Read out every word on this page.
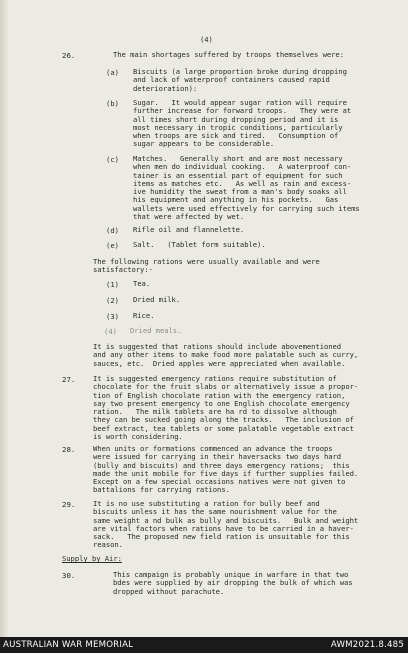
(4)
26.	The main shortages suffered by troops themselves were:
(a) Biscuits (a large proportion broke during dropping
and lack of waterproof containers caused rapid
deterioration):
(b) Sugar.   It would appear sugar ration will require
further increase for forward troops.   They were at
all times short during dropping period and it is
most necessary in tropic conditions, particularly
when troops are sick and tired.   Consumption of
sugar appears to be considerable.
(c) Matches.   Generally short and are most necessary
when men do individual cooking.   A waterproof con-
tainer is an essential part of equipment for such
items as matches etc.   As well as rain and excess-
ive humidity the sweat from a man's body soaks all
his equipment and anything in his pockets.   Gas
wallets were used effectively for carrying such items
that were affected by wet.
(d) Rifle oil and flannelette.
(e) Salt.   (Tablet form suitable).
The following rations were usually available and were
satisfactory:-
(1) Tea.
(2) Dried milk.
(3) Rice.
(4) Dried meals.
It is suggested that rations should include abovementioned
and any other items to make food more palatable such as curry,
sauces, etc.  Dried apples were appreciated when available.
27. It is suggested emergency rations require substitution of
chocolate for the fruit slabs or alternatively issue a propor-
tion of English chocolate ration with the emergency ration,
say two present emergency to one English chocolate emergency
ration.   The milk tablets are ha rd to dissolve although
they can be sucked going along the tracks.   The inclusion of
beef extract, tea tablets or some palatable vegetable extract
is worth considering.
28. When units or formations commenced an advance the troops
were issued for carrying in their haversacks two days hard
(bully and biscuits) and three days emergency rations;  this
made the unit mobile for five days if further supplies failed.
Except on a few special occasions natives were not given to
battalions for carrying rations.
29. It is no use substituting a ration for bully beef and
biscuits unless it has the same nourishment value for the
same weight a nd bulk as bully and biscuits.   Bulk and weight
are vital factors when rations have to be carried in a haver-
sack.   The proposed new field ration is unsuitable for this
reason.
Supply by Air:
30.	This campaign is probably unique in warfare in that two
bdes were supplied by air dropping the bulk of which was
dropped without parachute.
AUSTRALIAN WAR MEMORIAL	AWM2021.8.485
